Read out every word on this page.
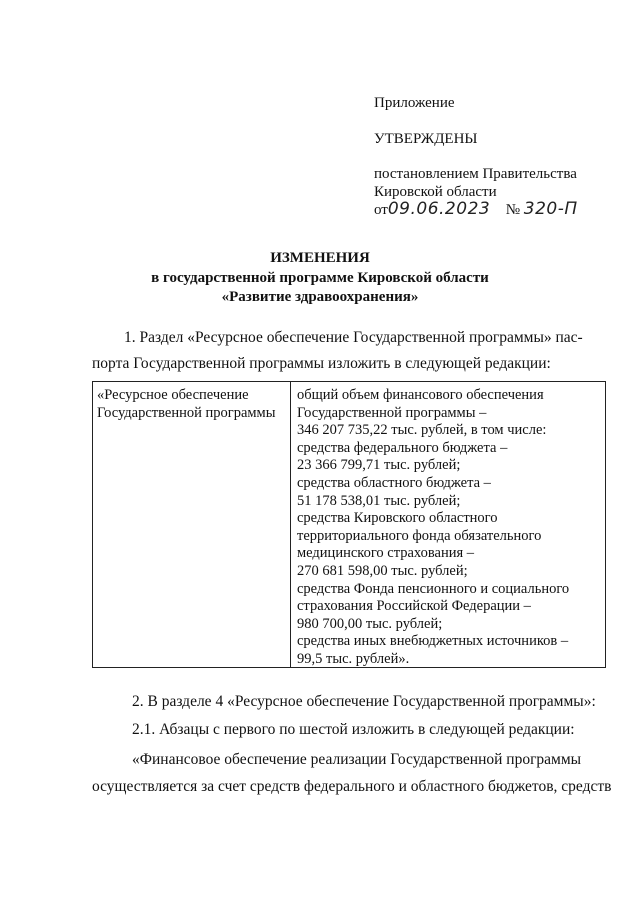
Приложение
УТВЕРЖДЕНЫ
постановлением Правительства
Кировской области
от09.06.2023 № 320-П
ИЗМЕНЕНИЯ
в государственной программе Кировской области
«Развитие здравоохранения»
1. Раздел «Ресурсное обеспечение Государственной программы» пас-
порта Государственной программы изложить в следующей редакции:
«Ресурсное обеспечение
Государственной программы
общий объем финансового обеспечения
Государственной программы –
346 207 735,22 тыс. рублей, в том числе:
средства федерального бюджета –
23 366 799,71 тыс. рублей;
средства областного бюджета –
51 178 538,01 тыс. рублей;
средства Кировского областного
территориального фонда обязательного
медицинского страхования –
270 681 598,00 тыс. рублей;
средства Фонда пенсионного и социального
страхования Российской Федерации –
980 700,00 тыс. рублей;
средства иных внебюджетных источников –
99,5 тыс. рублей».
2. В разделе 4 «Ресурсное обеспечение Государственной программы»:
2.1. Абзацы с первого по шестой изложить в следующей редакции:
«Финансовое обеспечение реализации Государственной программы
осуществляется за счет средств федерального и областного бюджетов, средств
